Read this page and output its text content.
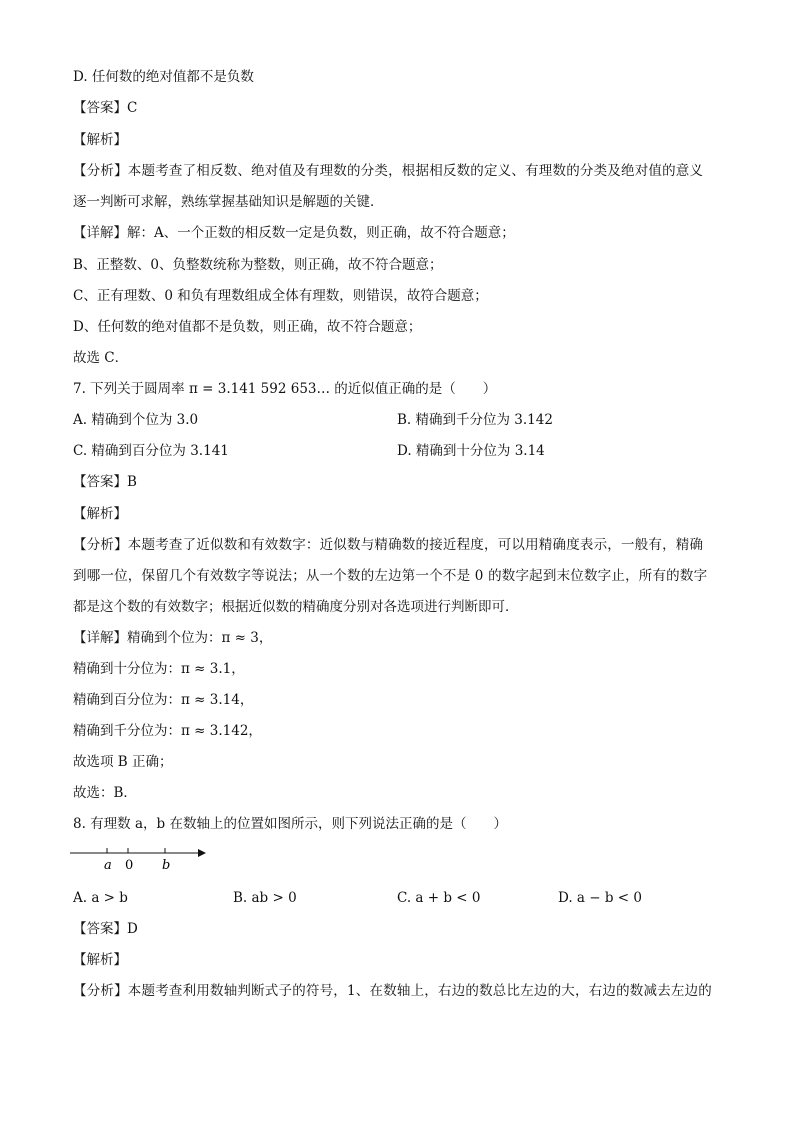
D. 任何数的绝对值都不是负数
【答案】C
【解析】
【分析】本题考查了相反数、绝对值及有理数的分类，根据相反数的定义、有理数的分类及绝对值的意义
逐一判断可求解，熟练掌握基础知识是解题的关键．
【详解】解：A、一个正数的相反数一定是负数，则正确，故不符合题意；
B、正整数、0、负整数统称为整数，则正确，故不符合题意；
C、正有理数、0 和负有理数组成全体有理数，则错误，故符合题意；
D、任何数的绝对值都不是负数，则正确，故不符合题意；
故选 C．
7. 下列关于圆周率 π = 3.141 592 653… 的近似值正确的是（　　）
A. 精确到个位为 3.0	B. 精确到千分位为 3.142
C. 精确到百分位为 3.141	D. 精确到十分位为 3.14
【答案】B
【解析】
【分析】本题考查了近似数和有效数字：近似数与精确数的接近程度，可以用精确度表示，一般有，精确
到哪一位，保留几个有效数字等说法；从一个数的左边第一个不是 0 的数字起到末位数字止，所有的数字
都是这个数的有效数字；根据近似数的精确度分别对各选项进行判断即可．
【详解】精确到个位为：π ≈ 3，
精确到十分位为：π ≈ 3.1，
精确到百分位为：π ≈ 3.14，
精确到千分位为：π ≈ 3.142，
故选项 B 正确；
故选：B．
8. 有理数 a，b 在数轴上的位置如图所示，则下列说法正确的是（　　）
a 0 b
A. a > b	B. ab > 0	C. a + b < 0	D. a − b < 0
【答案】D
【解析】
【分析】本题考查利用数轴判断式子的符号，1、在数轴上，右边的数总比左边的大，右边的数减去左边的
